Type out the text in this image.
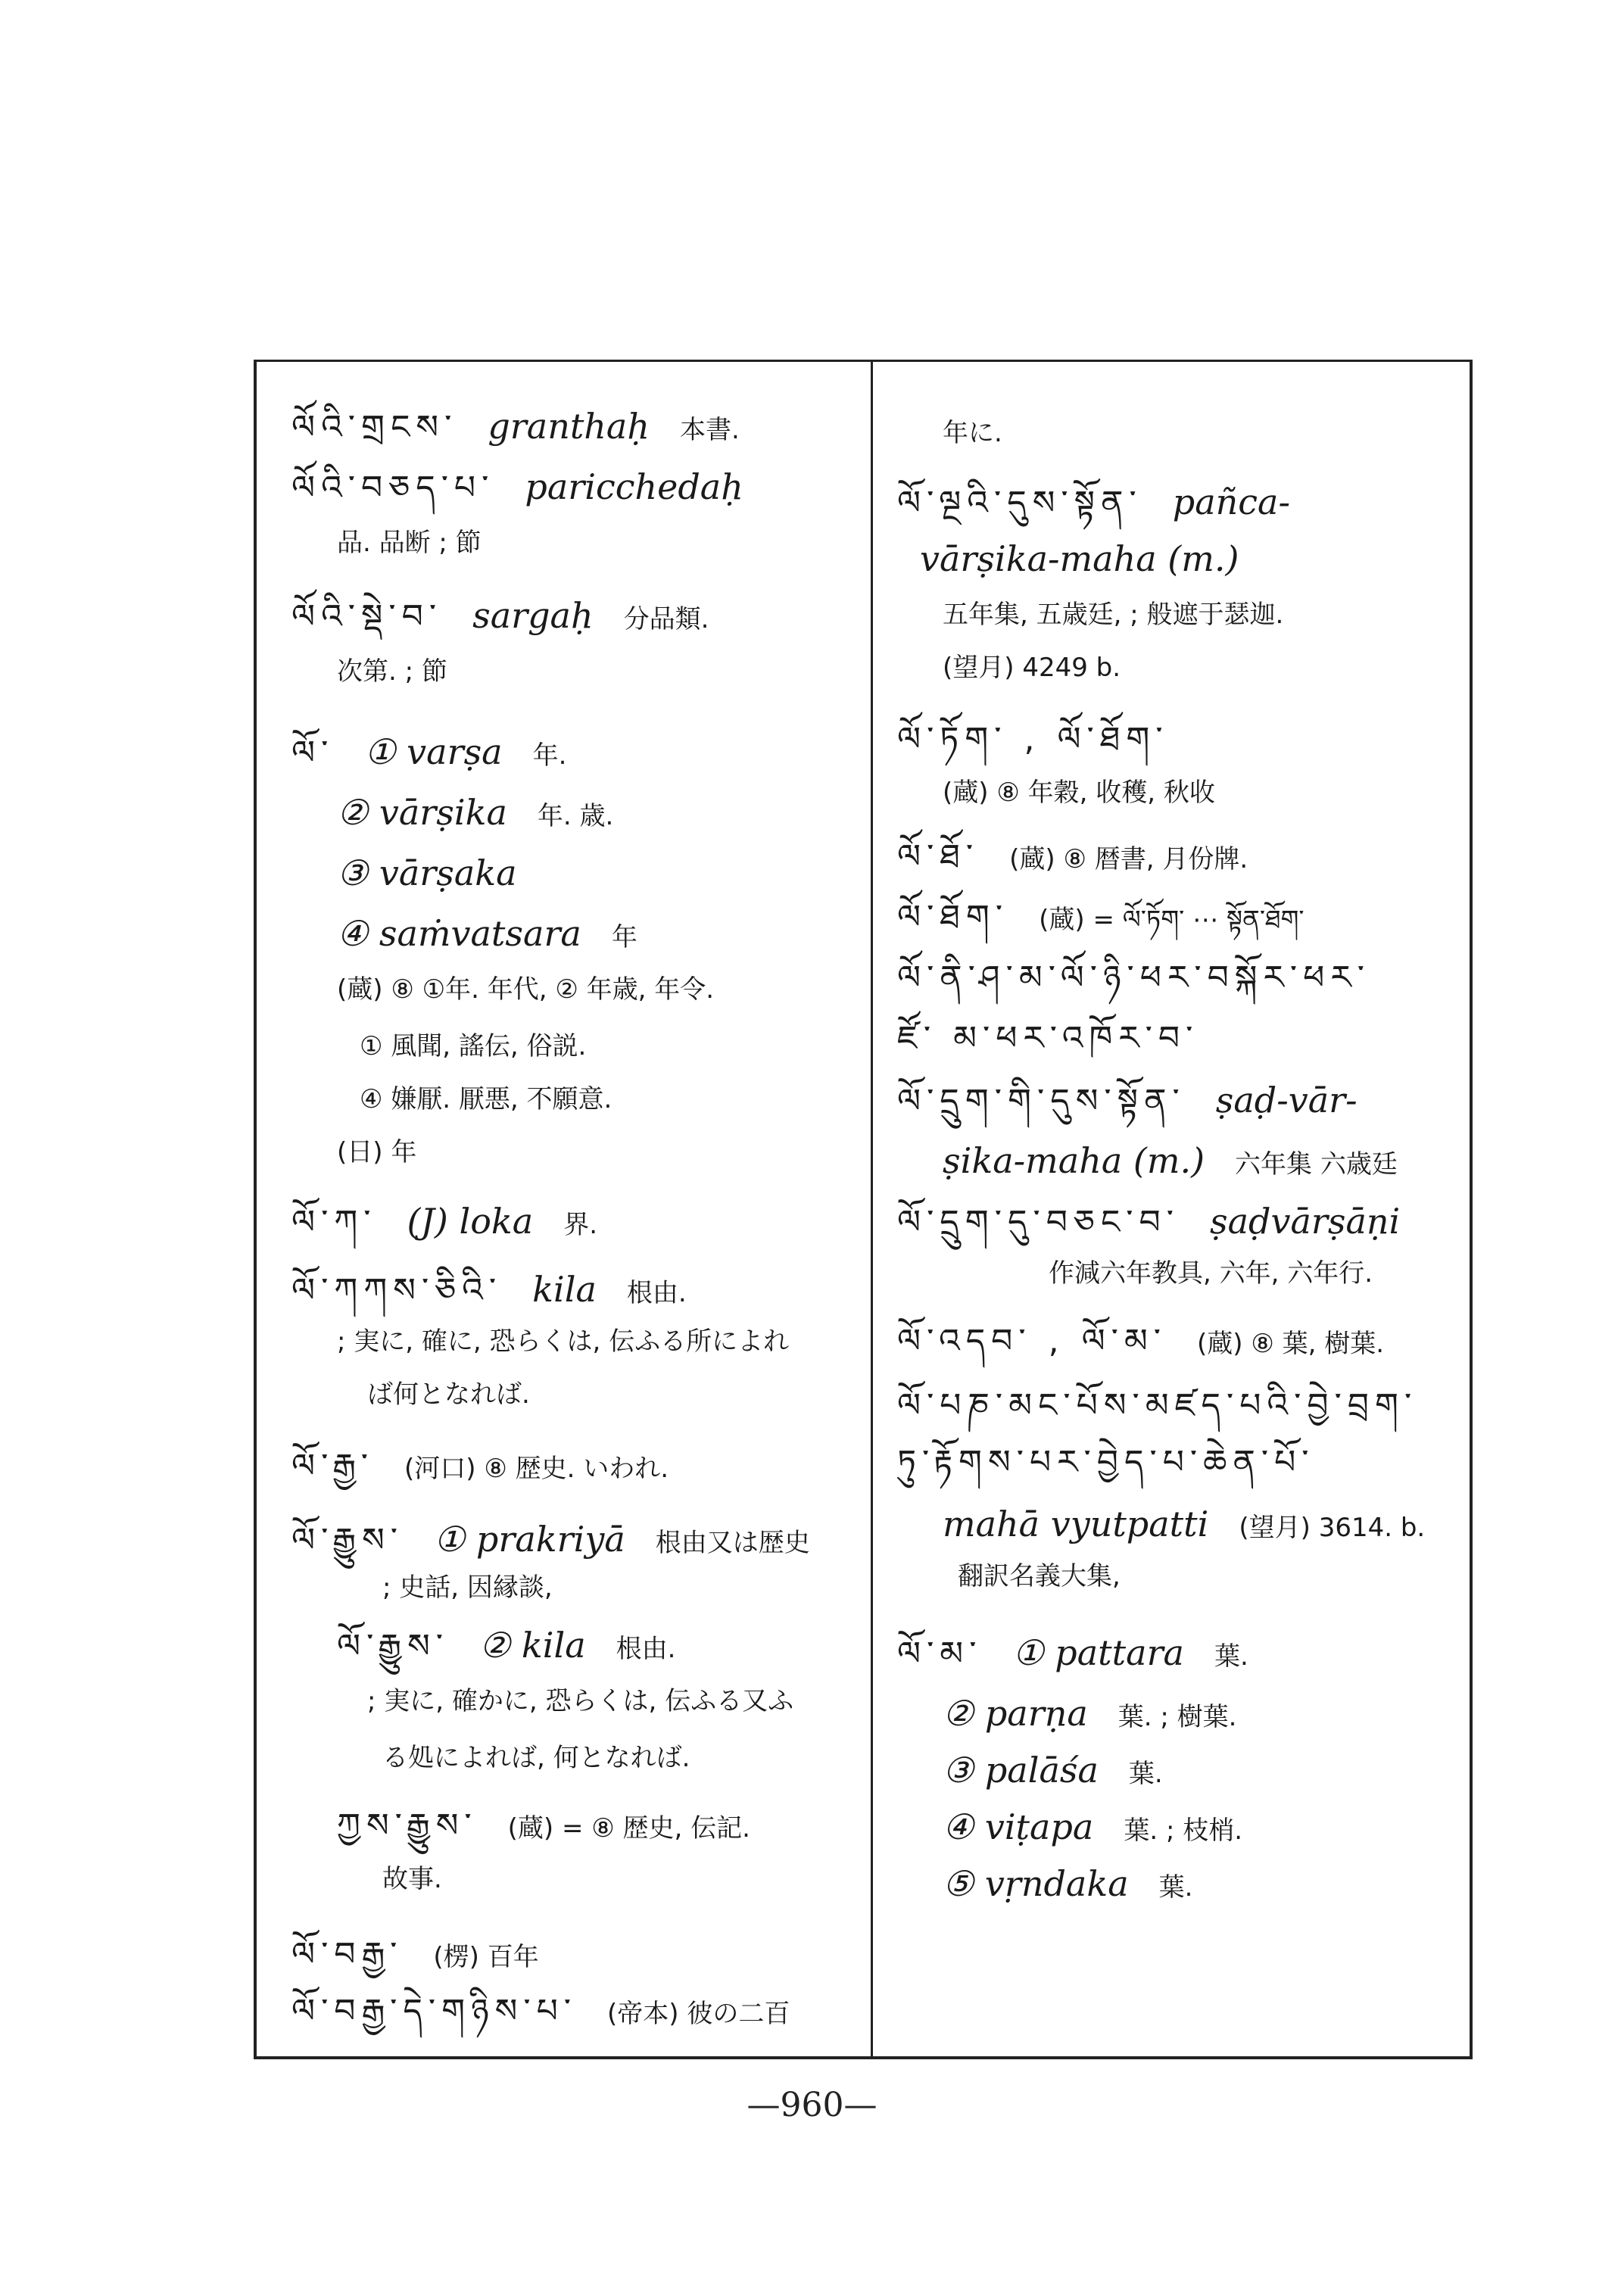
ལོའི་གྲངས་ granthaḥ 本書.
ལོའི་བཅད་པ་ paricchedaḥ
品. 品断 ; 節
ལོའི་སྡེ་བ་ sargaḥ 分品類.
次第. ; 節
ལོ་ ① varṣa 年.
② vārṣika 年. 歳.
③ vārṣaka
④ saṁvatsara 年
(蔵) ⑧ ①年. 年代, ② 年歳, 年令.
① 風聞, 謠伝, 俗説.
④ 嫌厭. 厭悪, 不願意.
(日) 年
ལོ་ཀ་ (J) loka 界.
ལོ་ཀཀས་ཅིའི་ kila 根由.
; 実に, 確に, 恐らくは, 伝ふる所によれ
ば何となれば.
ལོ་རྒྱ་ (河口) ⑧ 歴史. いわれ.
ལོ་རྒྱུས་ ① prakriyā 根由又は歴史
; 史話, 因縁談,
ལོ་རྒྱུས་ ② kila 根由.
; 実に, 確かに, 恐らくは, 伝ふる又ふ
る処によれば, 何となれば.
ཀྱས་རྒྱུས་ (蔵) = ⑧ 歴史, 伝記.
故事.
ལོ་བརྒྱ་ (楞) 百年
ལོ་བརྒྱ་དེ་གཉིས་པ་ (帝本) 彼の二百
年に.
ལོ་ལྔའི་དུས་སྟོན་ pañca-
vārṣika-maha (m.)
五年集, 五歳廷, ; 般遮于瑟迦.
(望月) 4249 b.
ལོ་ཏོག་ , ལོ་ཐོག་
(蔵) ⑧ 年穀, 收穫, 秋收
ལོ་ཐོ་ (蔵) ⑧ 暦書, 月份牌.
ལོ་ཐོག་ (蔵) = ལོ་ཏོག་ ⋯ སྟོན་ཐོག་
ལོ་ནི་ཤ་མ་ལོ་ཉི་ཕར་བསྐོར་ཕར་
ཛོ་ མ་ཕར་འཁོར་བ་
ལོ་དྲུག་གི་དུས་སྟོན་ ṣaḍ-vār-
ṣika-maha (m.) 六年集 六歳廷
ལོ་དྲུག་དུ་བཅང་བ་ ṣaḍvārṣāṇi
作減六年教具, 六年, 六年行.
ལོ་འདབ་ , ལོ་མ་ (蔵) ⑧ 葉, 樹葉.
ལོ་པཎ་མང་པོས་མཛད་པའི་བྱེ་བྲག་
ཏུ་རྟོགས་པར་བྱེད་པ་ཆེན་པོ་
mahā vyutpatti (望月) 3614. b.
翻訳名義大集,
ལོ་མ་ ① pattara 葉.
② parṇa 葉. ; 樹葉.
③ palāśa 葉.
④ viṭapa 葉. ; 枝梢.
⑤ vṛndaka 葉.
—960—
